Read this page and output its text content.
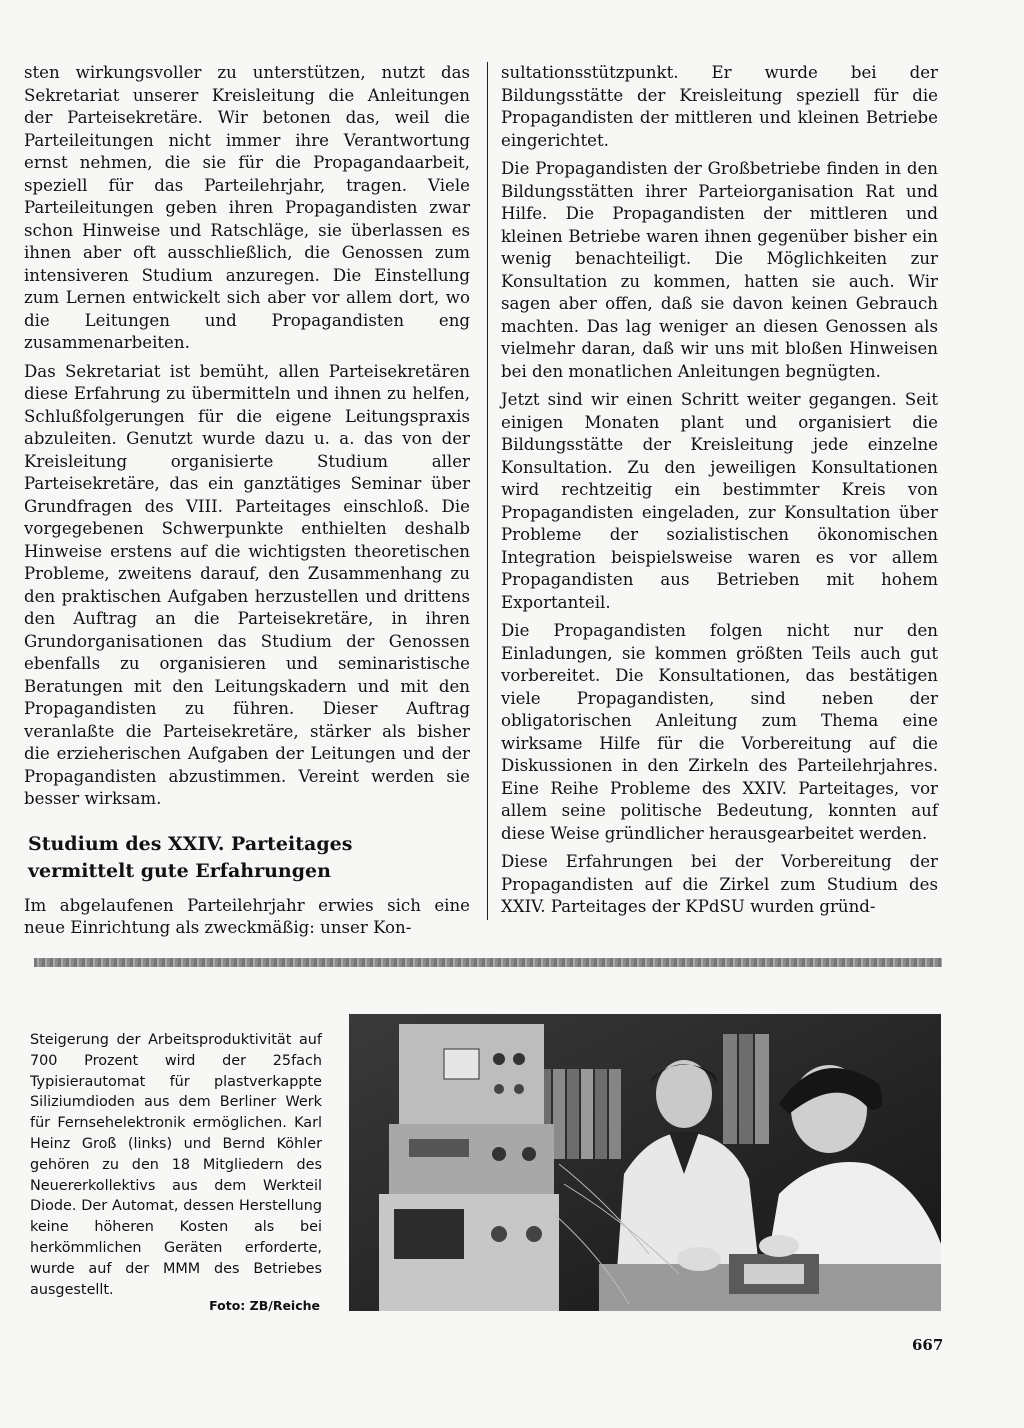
sten wirkungsvoller zu unterstützen, nutzt das Sekretariat unserer Kreisleitung die Anleitungen der Parteisekretäre. Wir betonen das, weil die Parteileitungen nicht immer ihre Verantwortung ernst nehmen, die sie für die Propagandaarbeit, speziell für das Parteilehrjahr, tragen. Viele Parteileitungen geben ihren Propagandisten zwar schon Hinweise und Ratschläge, sie überlassen es ihnen aber oft ausschließlich, die Genossen zum intensiveren Studium anzuregen. Die Einstellung zum Lernen entwickelt sich aber vor allem dort, wo die Leitungen und Propagandisten eng zusammenarbeiten.

Das Sekretariat ist bemüht, allen Parteisekretären diese Erfahrung zu übermitteln und ihnen zu helfen, Schlußfolgerungen für die eigene Leitungspraxis abzuleiten. Genutzt wurde dazu u. a. das von der Kreisleitung organisierte Studium aller Parteisekretäre, das ein ganztätiges Seminar über Grundfragen des VIII. Parteitages einschloß. Die vorgegebenen Schwerpunkte enthielten deshalb Hinweise erstens auf die wichtigsten theoretischen Probleme, zweitens darauf, den Zusammenhang zu den praktischen Aufgaben herzustellen und drittens den Auftrag an die Parteisekretäre, in ihren Grundorganisationen das Studium der Genossen ebenfalls zu organisieren und seminaristische Beratungen mit den Leitungskadern und mit den Propagandisten zu führen. Dieser Auftrag veranlaßte die Parteisekretäre, stärker als bisher die erzieherischen Aufgaben der Leitungen und der Propagandisten abzustimmen. Vereint werden sie besser wirksam.

Studium des XXIV. Parteitages
vermittelt gute Erfahrungen

Im abgelaufenen Parteilehrjahr erwies sich eine neue Einrichtung als zweckmäßig: unser Kon-

sultationsstützpunkt. Er wurde bei der Bildungsstätte der Kreisleitung speziell für die Propagandisten der mittleren und kleinen Betriebe eingerichtet.

Die Propagandisten der Großbetriebe finden in den Bildungsstätten ihrer Parteiorganisation Rat und Hilfe. Die Propagandisten der mittleren und kleinen Betriebe waren ihnen gegenüber bisher ein wenig benachteiligt. Die Möglichkeiten zur Konsultation zu kommen, hatten sie auch. Wir sagen aber offen, daß sie davon keinen Gebrauch machten. Das lag weniger an diesen Genossen als vielmehr daran, daß wir uns mit bloßen Hinweisen bei den monatlichen Anleitungen begnügten.

Jetzt sind wir einen Schritt weiter gegangen. Seit einigen Monaten plant und organisiert die Bildungsstätte der Kreisleitung jede einzelne Konsultation. Zu den jeweiligen Konsultationen wird rechtzeitig ein bestimmter Kreis von Propagandisten eingeladen, zur Konsultation über Probleme der sozialistischen ökonomischen Integration beispielsweise waren es vor allem Propagandisten aus Betrieben mit hohem Exportanteil.

Die Propagandisten folgen nicht nur den Einladungen, sie kommen größten Teils auch gut vorbereitet. Die Konsultationen, das bestätigen viele Propagandisten, sind neben der obligatorischen Anleitung zum Thema eine wirksame Hilfe für die Vorbereitung auf die Diskussionen in den Zirkeln des Parteilehrjahres. Eine Reihe Probleme des XXIV. Parteitages, vor allem seine politische Bedeutung, konnten auf diese Weise gründlicher herausgearbeitet werden.

Diese Erfahrungen bei der Vorbereitung der Propagandisten auf die Zirkel zum Studium des XXIV. Parteitages der KPdSU wurden gründ-

Steigerung der Arbeitsproduktivität auf 700 Prozent wird der 25fach Typisierautomat für plastverkappte Siliziumdioden aus dem Berliner Werk für Fernsehelektronik ermöglichen. Karl Heinz Groß (links) und Bernd Köhler gehören zu den 18 Mitgliedern des Neuererkollektivs aus dem Werkteil Diode. Der Automat, dessen Herstellung keine höheren Kosten als bei herkömmlichen Geräten erforderte, wurde auf der MMM des Betriebes ausgestellt.
Foto: ZB/Reiche
667
